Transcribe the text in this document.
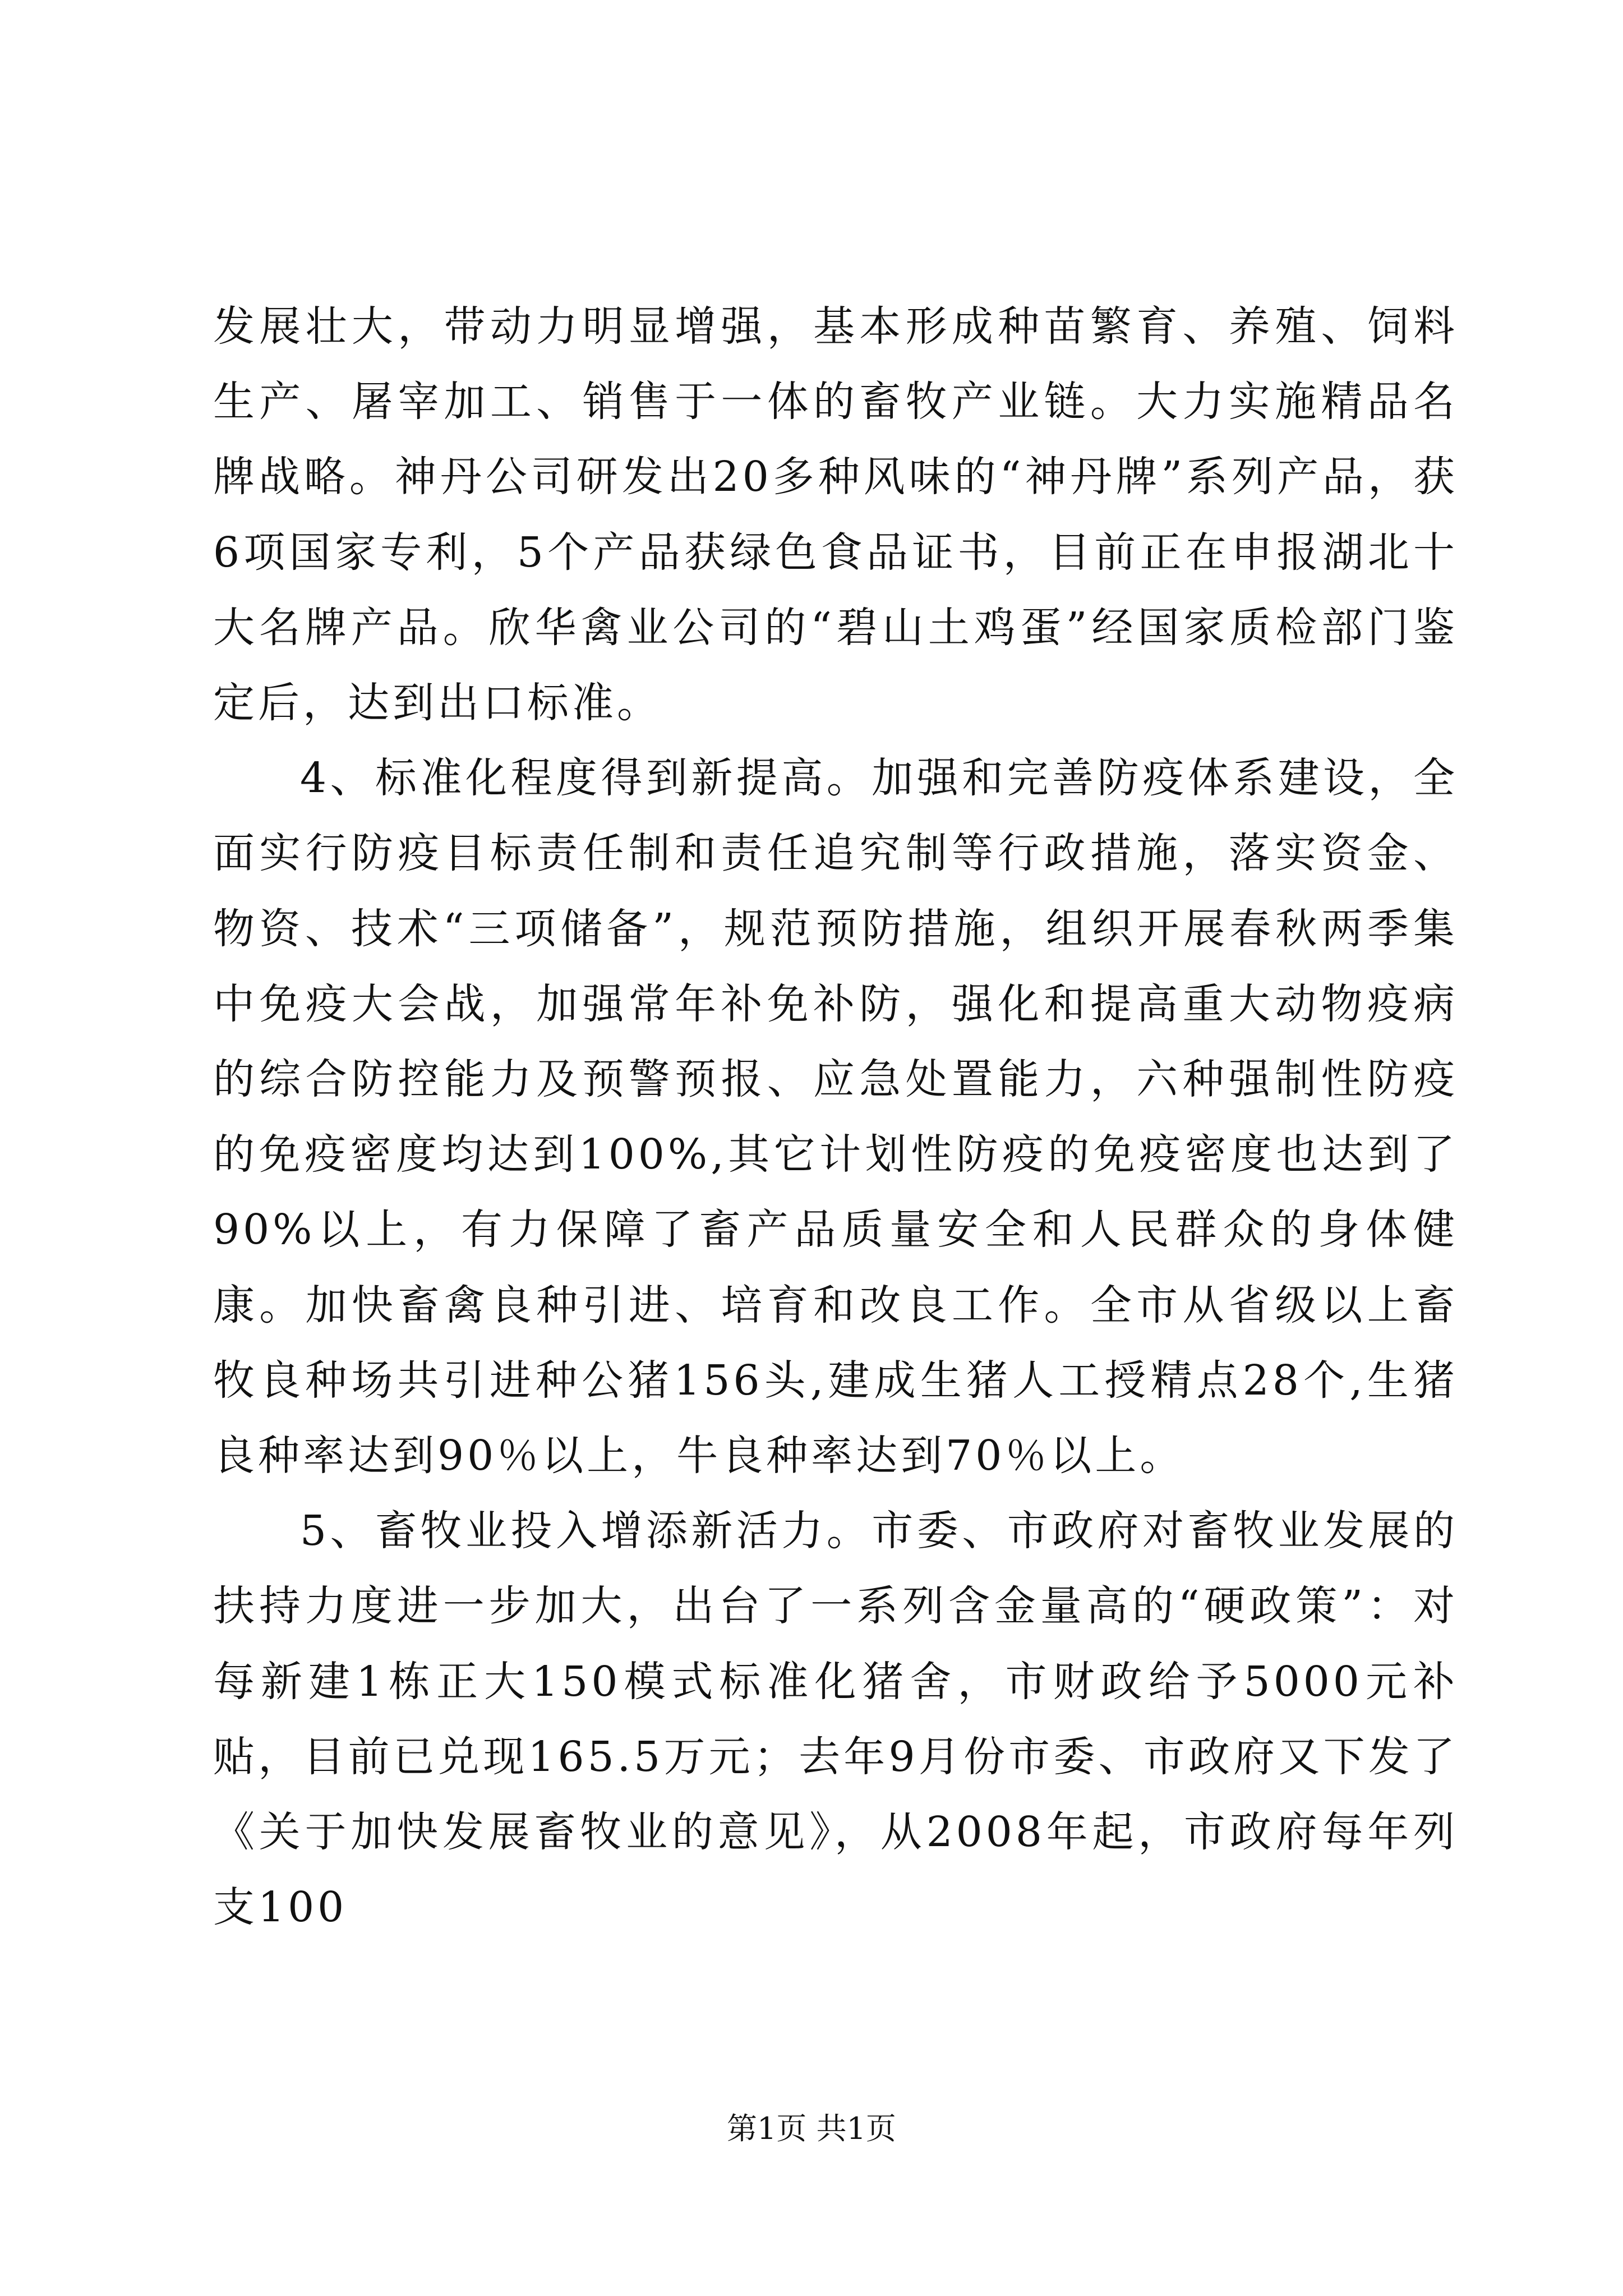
发展壮大，带动力明显增强，基本形成种苗繁育、养殖、饲料生产、屠宰加工、销售于一体的畜牧产业链。大力实施精品名牌战略。神丹公司研发出20多种风味的“神丹牌”系列产品，获6项国家专利，5个产品获绿色食品证书，目前正在申报湖北十大名牌产品。欣华禽业公司的“碧山土鸡蛋”经国家质检部门鉴定后，达到出口标准。

4、标准化程度得到新提高。加强和完善防疫体系建设，全面实行防疫目标责任制和责任追究制等行政措施，落实资金、物资、技术“三项储备”，规范预防措施，组织开展春秋两季集中免疫大会战，加强常年补免补防，强化和提高重大动物疫病的综合防控能力及预警预报、应急处置能力，六种强制性防疫的免疫密度均达到100%,其它计划性防疫的免疫密度也达到了90%以上，有力保障了畜产品质量安全和人民群众的身体健康。加快畜禽良种引进、培育和改良工作。全市从省级以上畜牧良种场共引进种公猪156头,建成生猪人工授精点28个,生猪良种率达到90％以上，牛良种率达到70％以上。

5、畜牧业投入增添新活力。市委、市政府对畜牧业发展的扶持力度进一步加大，出台了一系列含金量高的“硬政策”：对每新建1栋正大150模式标准化猪舍，市财政给予5000元补贴，目前已兑现165.5万元；去年9月份市委、市政府又下发了《关于加快发展畜牧业的意见》，从2008年起，市政府每年列支100

第1页 共1页
